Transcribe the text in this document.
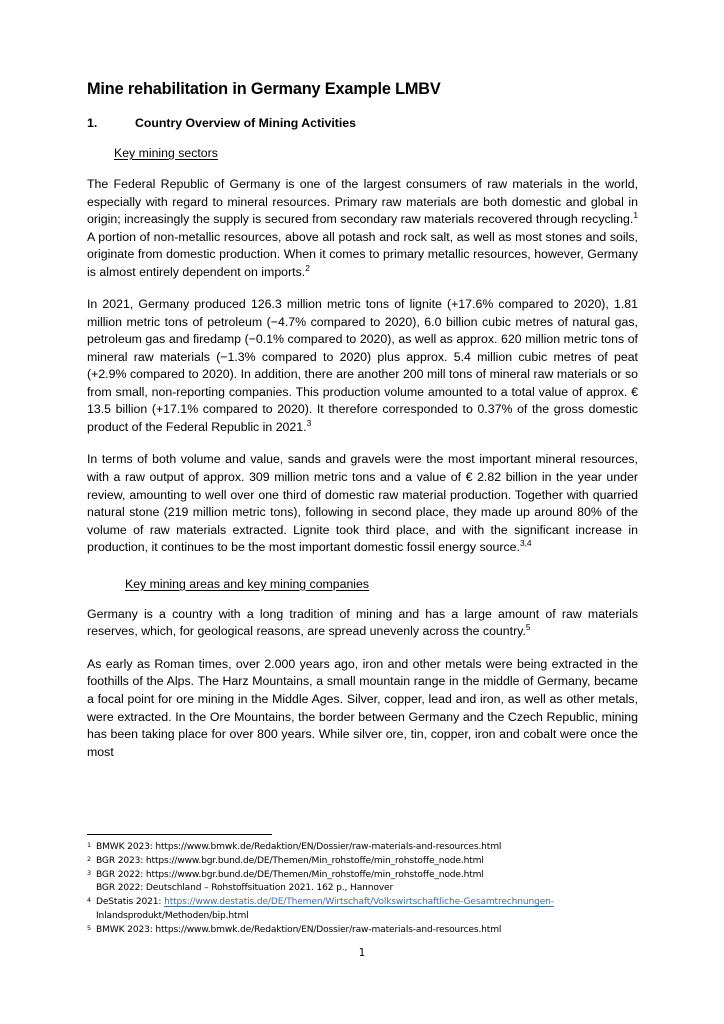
Mine rehabilitation in Germany Example LMBV
1.	Country Overview of Mining Activities
Key mining sectors

The Federal Republic of Germany is one of the largest consumers of raw materials in the world, especially with regard to mineral resources. Primary raw materials are both domestic and global in origin; increasingly the supply is secured from secondary raw materials recovered through recycling.$^1$ A portion of non-metallic resources, above all potash and rock salt, as well as most stones and soils, originate from domestic production. When it comes to primary metallic resources, however, Germany is almost entirely dependent on imports.$^2$

In 2021, Germany produced 126.3 million metric tons of lignite (+17.6% compared to 2020), 1.81 million metric tons of petroleum (−4.7% compared to 2020), 6.0 billion cubic metres of natural gas, petroleum gas and firedamp (−0.1% compared to 2020), as well as approx. 620 million metric tons of mineral raw materials (−1.3% compared to 2020) plus approx. 5.4 million cubic metres of peat (+2.9% compared to 2020). In addition, there are another 200 mill tons of mineral raw materials or so from small, non-reporting companies. This production volume amounted to a total value of approx. € 13.5 billion (+17.1% compared to 2020). It therefore corresponded to 0.37% of the gross domestic product of the Federal Republic in 2021.$^3$

In terms of both volume and value, sands and gravels were the most important mineral resources, with a raw output of approx. 309 million metric tons and a value of € 2.82 billion in the year under review, amounting to well over one third of domestic raw material production. Together with quarried natural stone (219 million metric tons), following in second place, they made up around 80% of the volume of raw materials extracted. Lignite took third place, and with the significant increase in production, it continues to be the most important domestic fossil energy source.$^{3,4}$

Key mining areas and key mining companies

Germany is a country with a long tradition of mining and has a large amount of raw materials reserves, which, for geological reasons, are spread unevenly across the country.$^5$

As early as Roman times, over 2.000 years ago, iron and other metals were being extracted in the foothills of the Alps. The Harz Mountains, a small mountain range in the middle of Germany, became a focal point for ore mining in the Middle Ages. Silver, copper, lead and iron, as well as other metals, were extracted. In the Ore Mountains, the border between Germany and the Czech Republic, mining has been taking place for over 800 years. While silver ore, tin, copper, iron and cobalt were once the most

1 BMWK 2023: https://www.bmwk.de/Redaktion/EN/Dossier/raw-materials-and-resources.html
2 BGR 2023: https://www.bgr.bund.de/DE/Themen/Min_rohstoffe/min_rohstoffe_node.html
3 BGR 2022: https://www.bgr.bund.de/DE/Themen/Min_rohstoffe/min_rohstoffe_node.html
BGR 2022: Deutschland – Rohstoffsituation 2021. 162 p., Hannover
4 DeStatis 2021: https://www.destatis.de/DE/Themen/Wirtschaft/Volkswirtschaftliche-Gesamtrechnungen-
Inlandsprodukt/Methoden/bip.html
5 BMWK 2023: https://www.bmwk.de/Redaktion/EN/Dossier/raw-materials-and-resources.html
1
